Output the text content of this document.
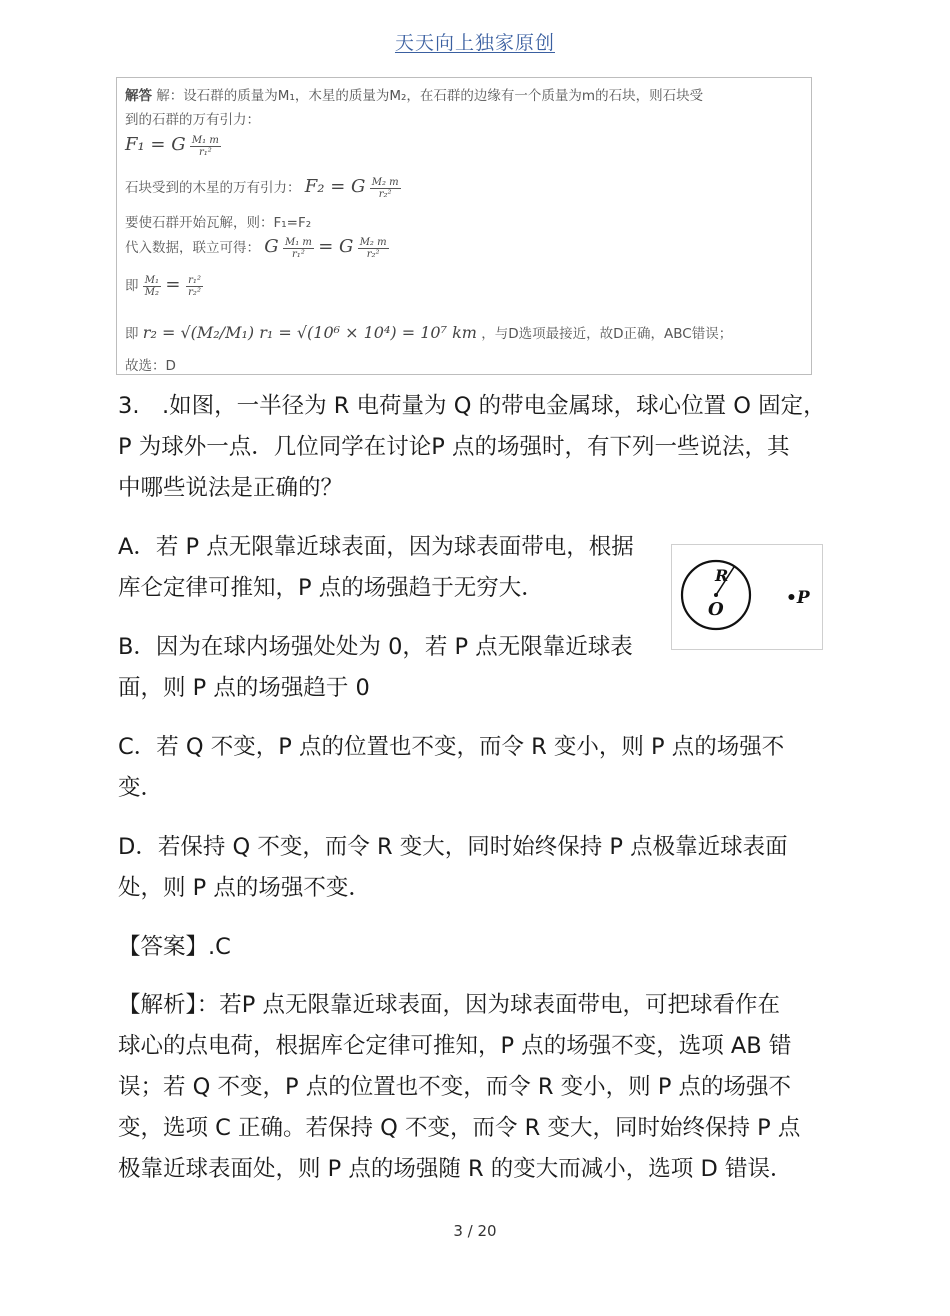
天天向上独家原创
解答 解：设石群的质量为M₁，木星的质量为M₂，在石群的边缘有一个质量为m的石块，则石块受
到的石群的万有引力：
F₁ = G $\frac{\text{M₁ m}}{\text{r₁²}}$
石块受到的木星的万有引力： F₂ = G $\frac{\text{M₂ m}}{\text{r₂²}}$
要使石群开始瓦解，则：F₁=F₂
代入数据，联立可得： G $\frac{\text{M₁ m}}{\text{r₁²}} = G \frac{\text{M₂ m}}{\text{r₂²}}$
即 $\frac{\text{M₁}}{\text{M₂}} = \frac{\text{r₁²}}{\text{r₂²}}$
即 r₂ = √(M₂/M₁) r₁ = √(10⁶ × 10⁴) = 10⁷ km ，与D选项最接近，故D正确，ABC错误；
故选：D
3.　.如图，一半径为 R 电荷量为 Q 的带电金属球，球心位置 O 固定，
P 为球外一点．几位同学在讨论P 点的场强时，有下列一些说法，其
中哪些说法是正确的？
A．若 P 点无限靠近球表面，因为球表面带电，根据
库仑定律可推知，P 点的场强趋于无穷大．
B．因为在球内场强处处为 0，若 P 点无限靠近球表
面，则 P 点的场强趋于 0
C．若 Q 不变，P 点的位置也不变，而令 R 变小，则 P 点的场强不
变．
D．若保持 Q 不变，而令 R 变大，同时始终保持 P 点极靠近球表面
处，则 P 点的场强不变．
R
O
•P
【答案】.C
【解析】：若P 点无限靠近球表面，因为球表面带电，可把球看作在
球心的点电荷，根据库仑定律可推知，P 点的场强不变，选项 AB 错
误；若 Q 不变，P 点的位置也不变，而令 R 变小，则 P 点的场强不
变，选项 C 正确。若保持 Q 不变，而令 R 变大，同时始终保持 P 点
极靠近球表面处，则 P 点的场强随 R 的变大而减小，选项 D 错误．
3 / 20
